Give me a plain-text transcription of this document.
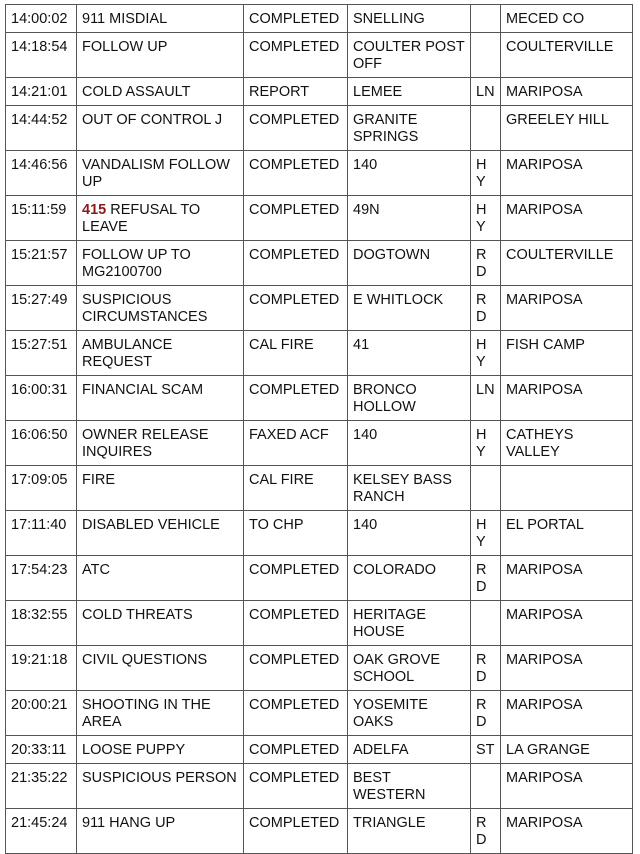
14:00:02	911 MISDIAL	COMPLETED	SNELLING		MECED CO
14:18:54	FOLLOW UP	COMPLETED	COULTER POST OFF		COULTERVILLE
14:21:01	COLD ASSAULT	REPORT	LEMEE	LN	MARIPOSA
14:44:52	OUT OF CONTROL J	COMPLETED	GRANITE SPRINGS		GREELEY HILL
14:46:56	VANDALISM FOLLOW UP	COMPLETED	140	HY	MARIPOSA
15:11:59	415 REFUSAL TO LEAVE	COMPLETED	49N	HY	MARIPOSA
15:21:57	FOLLOW UP TO MG2100700	COMPLETED	DOGTOWN	RD	COULTERVILLE
15:27:49	SUSPICIOUS CIRCUMSTANCES	COMPLETED	E WHITLOCK	RD	MARIPOSA
15:27:51	AMBULANCE REQUEST	CAL FIRE	41	HY	FISH CAMP
16:00:31	FINANCIAL SCAM	COMPLETED	BRONCO HOLLOW	LN	MARIPOSA
16:06:50	OWNER RELEASE INQUIRES	FAXED ACF	140	HY	CATHEYS VALLEY
17:09:05	FIRE	CAL FIRE	KELSEY BASS RANCH		
17:11:40	DISABLED VEHICLE	TO CHP	140	HY	EL PORTAL
17:54:23	ATC	COMPLETED	COLORADO	RD	MARIPOSA
18:32:55	COLD THREATS	COMPLETED	HERITAGE HOUSE		MARIPOSA
19:21:18	CIVIL QUESTIONS	COMPLETED	OAK GROVE SCHOOL	RD	MARIPOSA
20:00:21	SHOOTING IN THE AREA	COMPLETED	YOSEMITE OAKS	RD	MARIPOSA
20:33:11	LOOSE PUPPY	COMPLETED	ADELFA	ST	LA GRANGE
21:35:22	SUSPICIOUS PERSON	COMPLETED	BEST WESTERN		MARIPOSA
21:45:24	911 HANG UP	COMPLETED	TRIANGLE	RD	MARIPOSA
